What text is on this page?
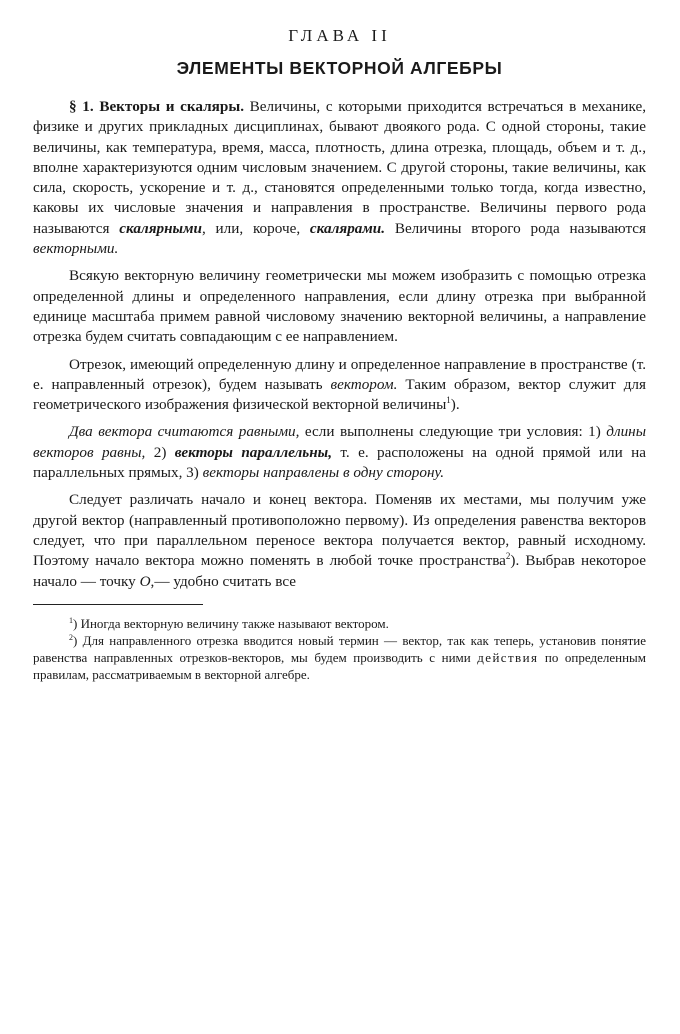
ГЛАВА II
ЭЛЕМЕНТЫ ВЕКТОРНОЙ АЛГЕБРЫ

§ 1. Векторы и скаляры. Величины, с которыми приходится встречаться в механике, физике и других прикладных дисциплинах, бывают двоякого рода. С одной стороны, такие величины, как температура, время, масса, плотность, длина отрезка, площадь, объем и т. д., вполне характеризуются одним числовым значением. С другой стороны, такие величины, как сила, скорость, ускорение и т. д., становятся определенными только тогда, когда известно, каковы их числовые значения и направления в пространстве. Величины первого рода называются скалярными, или, короче, скалярами. Величины второго рода называются векторными.

Всякую векторную величину геометрически мы можем изобразить с помощью отрезка определенной длины и определенного направления, если длину отрезка при выбранной единице масштаба примем равной числовому значению векторной величины, а направление отрезка будем считать совпадающим с ее направлением.

Отрезок, имеющий определенную длину и определенное направление в пространстве (т. е. направленный отрезок), будем называть вектором. Таким образом, вектор служит для геометрического изображения физической векторной величины$^1$).

Два вектора считаются равными, если выполнены следующие три условия: 1) длины векторов равны, 2) векторы параллельны, т. е. расположены на одной прямой или на параллельных прямых, 3) векторы направлены в одну сторону.

Следует различать начало и конец вектора. Поменяв их местами, мы получим уже другой вектор (направленный противоположно первому). Из определения равенства векторов следует, что при параллельном переносе вектора получается вектор, равный исходному. Поэтому начало вектора можно поменять в любой точке пространства$^2$). Выбрав некоторое начало — точку O,— удобно считать все

$^1$) Иногда векторную величину также называют вектором.

$^2$) Для направленного отрезка вводится новый термин — вектор, так как теперь, установив понятие равенства направленных отрезков-векторов, мы будем производить с ними действия по определенным правилам, рассматриваемым в векторной алгебре.
